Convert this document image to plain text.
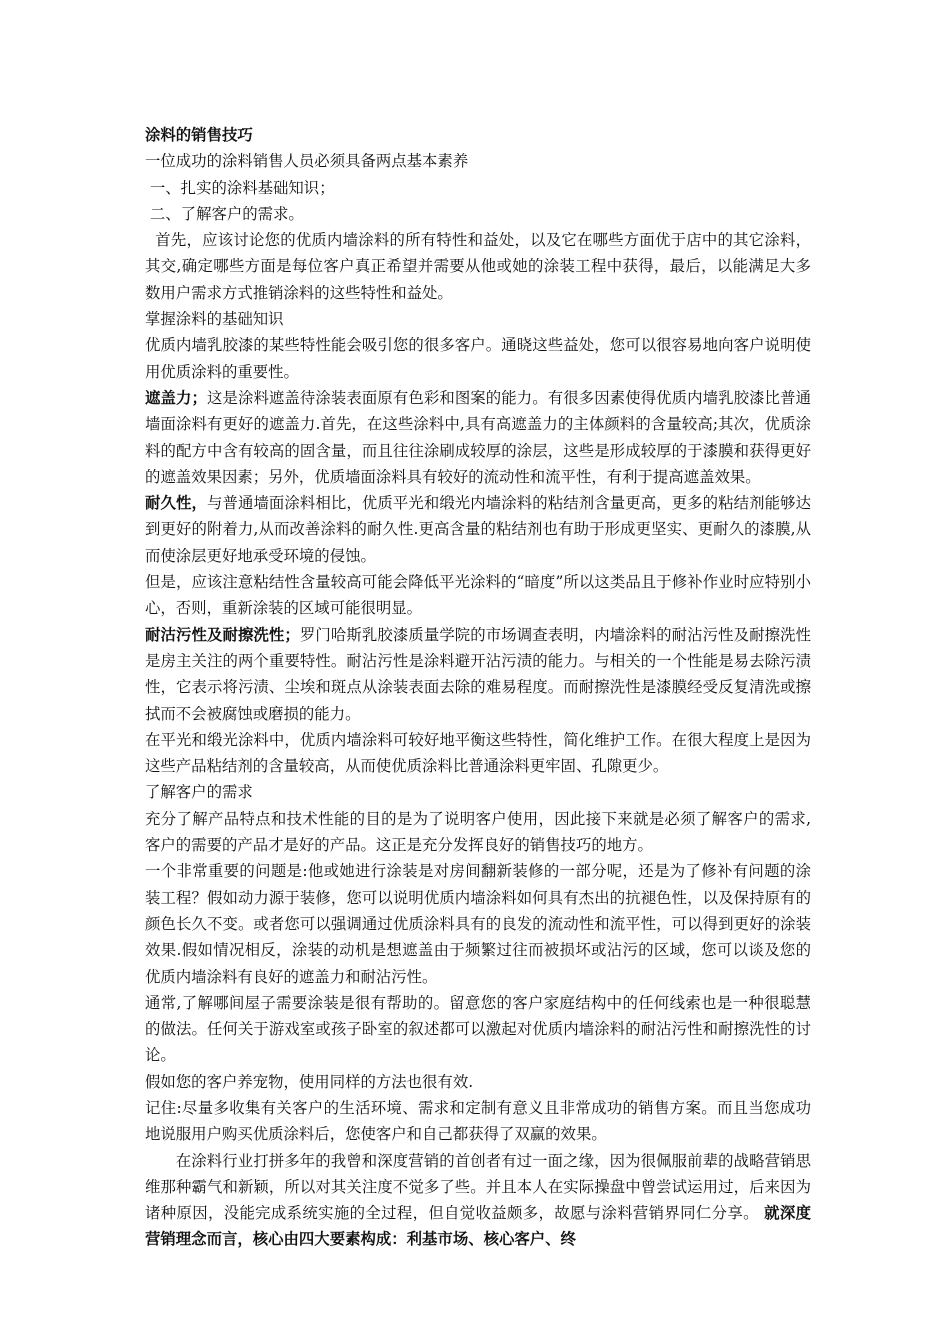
涂料的销售技巧

一位成功的涂料销售人员必须具备两点基本素养

一、扎实的涂料基础知识；

二、了解客户的需求。

首先，应该讨论您的优质内墙涂料的所有特性和益处，以及它在哪些方面优于店中的其它涂料，其交,确定哪些方面是每位客户真正希望并需要从他或她的涂装工程中获得，最后，以能满足大多数用户需求方式推销涂料的这些特性和益处。

掌握涂料的基础知识

优质内墙乳胶漆的某些特性能会吸引您的很多客户。通晓这些益处，您可以很容易地向客户说明使用优质涂料的重要性。

遮盖力；这是涂料遮盖待涂装表面原有色彩和图案的能力。有很多因素使得优质内墙乳胶漆比普通墙面涂料有更好的遮盖力.首先，在这些涂料中,具有高遮盖力的主体颜料的含量较高;其次，优质涂料的配方中含有较高的固含量，而且往往涂刷成较厚的涂层，这些是形成较厚的于漆膜和获得更好的遮盖效果因素；另外，优质墙面涂料具有较好的流动性和流平性，有利于提高遮盖效果。

耐久性，与普通墙面涂料相比，优质平光和缎光内墙涂料的粘结剂含量更高，更多的粘结剂能够达到更好的附着力,从而改善涂料的耐久性.更高含量的粘结剂也有助于形成更坚实、更耐久的漆膜,从而使涂层更好地承受环境的侵蚀。

但是，应该注意粘结性含量较高可能会降低平光涂料的“暗度”所以这类品且于修补作业时应特别小心，否则，重新涂装的区域可能很明显。

耐沽污性及耐擦洗性；罗门哈斯乳胶漆质量学院的市场调查表明，内墙涂料的耐沾污性及耐擦洗性是房主关注的两个重要特性。耐沾污性是涂料避开沾污渍的能力。与相关的一个性能是易去除污渍性，它表示将污渍、尘埃和斑点从涂装表面去除的难易程度。而耐擦洗性是漆膜经受反复清洗或擦拭而不会被腐蚀或磨损的能力。

在平光和缎光涂料中，优质内墙涂料可较好地平衡这些特性，简化维护工作。在很大程度上是因为这些产品粘结剂的含量较高，从而使优质涂料比普通涂料更牢固、孔隙更少。

了解客户的需求

充分了解产品特点和技术性能的目的是为了说明客户使用，因此接下来就是必须了解客户的需求,客户的需要的产品才是好的产品。这正是充分发挥良好的销售技巧的地方。

一个非常重要的问题是:他或她进行涂装是对房间翻新装修的一部分呢，还是为了修补有问题的涂装工程？假如动力源于装修，您可以说明优质内墙涂料如何具有杰出的抗褪色性，以及保持原有的颜色长久不变。或者您可以强调通过优质涂料具有的良发的流动性和流平性，可以得到更好的涂装效果.假如情况相反，涂装的动机是想遮盖由于频繁过往而被损坏或沾污的区域，您可以谈及您的优质内墙涂料有良好的遮盖力和耐沾污性。

通常,了解哪间屋子需要涂装是很有帮助的。留意您的客户家庭结构中的任何线索也是一种很聪慧的做法。任何关于游戏室或孩子卧室的叙述都可以激起对优质内墙涂料的耐沾污性和耐擦洗性的讨论。

假如您的客户养宠物，使用同样的方法也很有效.

记住:尽量多收集有关客户的生活环境、需求和定制有意义且非常成功的销售方案。而且当您成功地说服用户购买优质涂料后，您使客户和自己都获得了双赢的效果。

在涂料行业打拼多年的我曾和深度营销的首创者有过一面之缘，因为很佩服前辈的战略营销思维那种霸气和新颖，所以对其关注度不觉多了些。并且本人在实际操盘中曾尝试运用过，后来因为诸种原因，没能完成系统实施的全过程，但自觉收益颇多，故愿与涂料营销界同仁分享。 就深度营销理念而言，核心由四大要素构成：利基市场、核心客户、终
